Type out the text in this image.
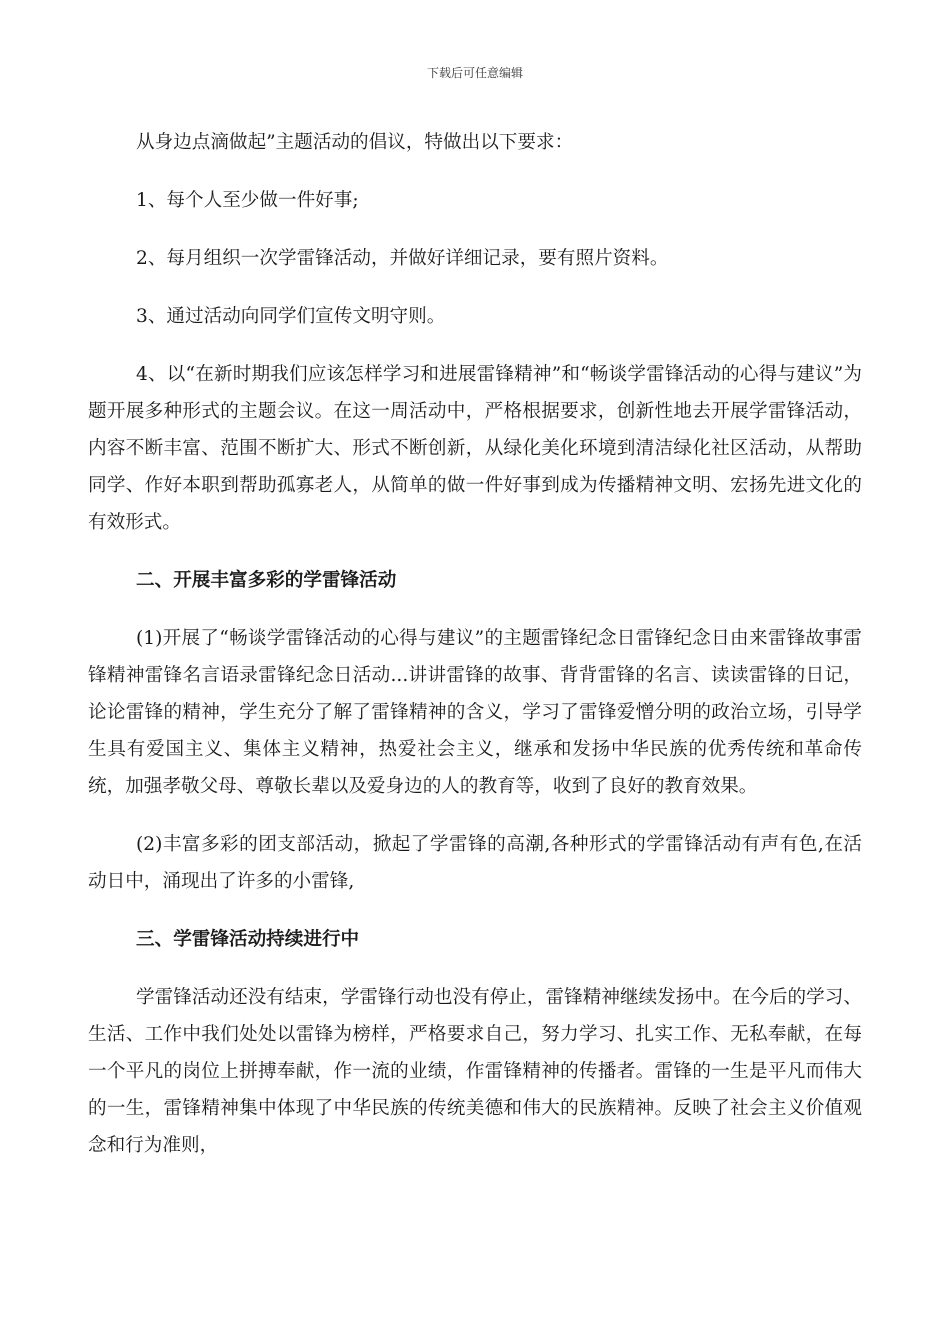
下载后可任意编辑

从身边点滴做起”主题活动的倡议，特做出以下要求：

1、每个人至少做一件好事;

2、每月组织一次学雷锋活动，并做好详细记录，要有照片资料。

3、通过活动向同学们宣传文明守则。

4、以“在新时期我们应该怎样学习和进展雷锋精神”和“畅谈学雷锋活动的心得与建议”为题开展多种形式的主题会议。在这一周活动中，严格根据要求，创新性地去开展学雷锋活动，内容不断丰富、范围不断扩大、形式不断创新，从绿化美化环境到清洁绿化社区活动，从帮助同学、作好本职到帮助孤寡老人，从简单的做一件好事到成为传播精神文明、宏扬先进文化的有效形式。

二、开展丰富多彩的学雷锋活动

(1)开展了“畅谈学雷锋活动的心得与建议”的主题雷锋纪念日雷锋纪念日由来雷锋故事雷锋精神雷锋名言语录雷锋纪念日活动...讲讲雷锋的故事、背背雷锋的名言、读读雷锋的日记，论论雷锋的精神，学生充分了解了雷锋精神的含义，学习了雷锋爱憎分明的政治立场，引导学生具有爱国主义、集体主义精神，热爱社会主义，继承和发扬中华民族的优秀传统和革命传统，加强孝敬父母、尊敬长辈以及爱身边的人的教育等，收到了良好的教育效果。

(2)丰富多彩的团支部活动，掀起了学雷锋的高潮,各种形式的学雷锋活动有声有色,在活动日中，涌现出了许多的小雷锋,

三、学雷锋活动持续进行中

学雷锋活动还没有结束，学雷锋行动也没有停止，雷锋精神继续发扬中。在今后的学习、生活、工作中我们处处以雷锋为榜样，严格要求自己，努力学习、扎实工作、无私奉献，在每一个平凡的岗位上拼搏奉献，作一流的业绩，作雷锋精神的传播者。雷锋的一生是平凡而伟大的一生，雷锋精神集中体现了中华民族的传统美德和伟大的民族精神。反映了社会主义价值观念和行为准则，
